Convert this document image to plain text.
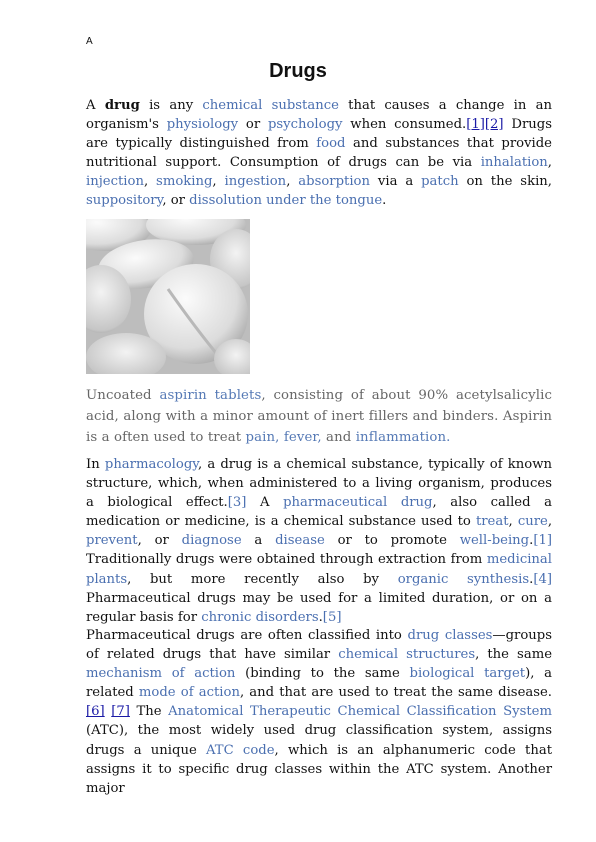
A
Drugs

A drug is any chemical substance that causes a change in an organism's physiology or psychology when consumed.[1][2] Drugs are typically distinguished from food and substances that provide nutritional support. Consumption of drugs can be via inhalation, injection, smoking, ingestion, absorption via a patch on the skin, suppository, or dissolution under the tongue.

Uncoated aspirin tablets, consisting of about 90% acetylsalicylic acid, along with a minor amount of inert fillers and binders. Aspirin is a often used to treat pain, fever, and inflammation.

In pharmacology, a drug is a chemical substance, typically of known structure, which, when administered to a living organism, produces a biological effect.[3] A pharmaceutical drug, also called a medication or medicine, is a chemical substance used to treat, cure, prevent, or diagnose a disease or to promote well-being.[1] Traditionally drugs were obtained through extraction from medicinal plants, but more recently also by organic synthesis.[4] Pharmaceutical drugs may be used for a limited duration, or on a regular basis for chronic disorders.[5]

Pharmaceutical drugs are often classified into drug classes—groups of related drugs that have similar chemical structures, the same mechanism of action (binding to the same biological target), a related mode of action, and that are used to treat the same disease.[6] [7] The Anatomical Therapeutic Chemical Classification System (ATC), the most widely used drug classification system, assigns drugs a unique ATC code, which is an alphanumeric code that assigns it to specific drug classes within the ATC system. Another major
